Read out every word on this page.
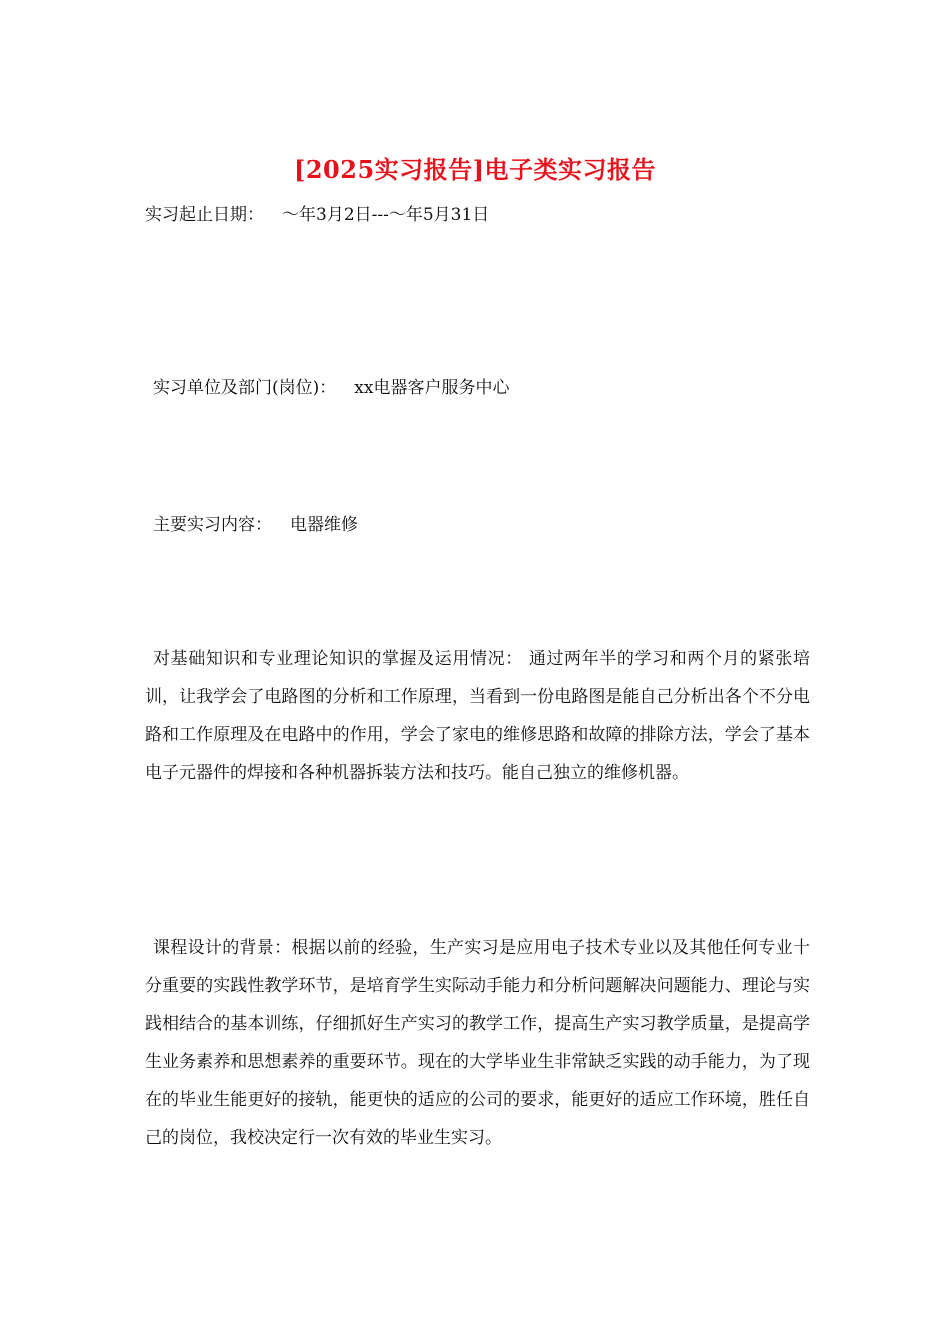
[2025实习报告]电子类实习报告
实习起止日期： ～年3月2日---～年5月31日
实习单位及部门(岗位)： xx电器客户服务中心
主要实习内容： 电器维修
对基础知识和专业理论知识的掌握及运用情况： 通过两年半的学习和两个月的紧张培训，让我学会了电路图的分析和工作原理，当看到一份电路图是能自己分析出各个不分电路和工作原理及在电路中的作用，学会了家电的维修思路和故障的排除方法，学会了基本电子元器件的焊接和各种机器拆装方法和技巧。能自己独立的维修机器。
课程设计的背景：根据以前的经验，生产实习是应用电子技术专业以及其他任何专业十分重要的实践性教学环节，是培育学生实际动手能力和分析问题解决问题能力、理论与实践相结合的基本训练，仔细抓好生产实习的教学工作，提高生产实习教学质量，是提高学生业务素养和思想素养的重要环节。现在的大学毕业生非常缺乏实践的动手能力，为了现在的毕业生能更好的接轨，能更快的适应的公司的要求，能更好的适应工作环境，胜任自己的岗位，我校决定行一次有效的毕业生实习。
